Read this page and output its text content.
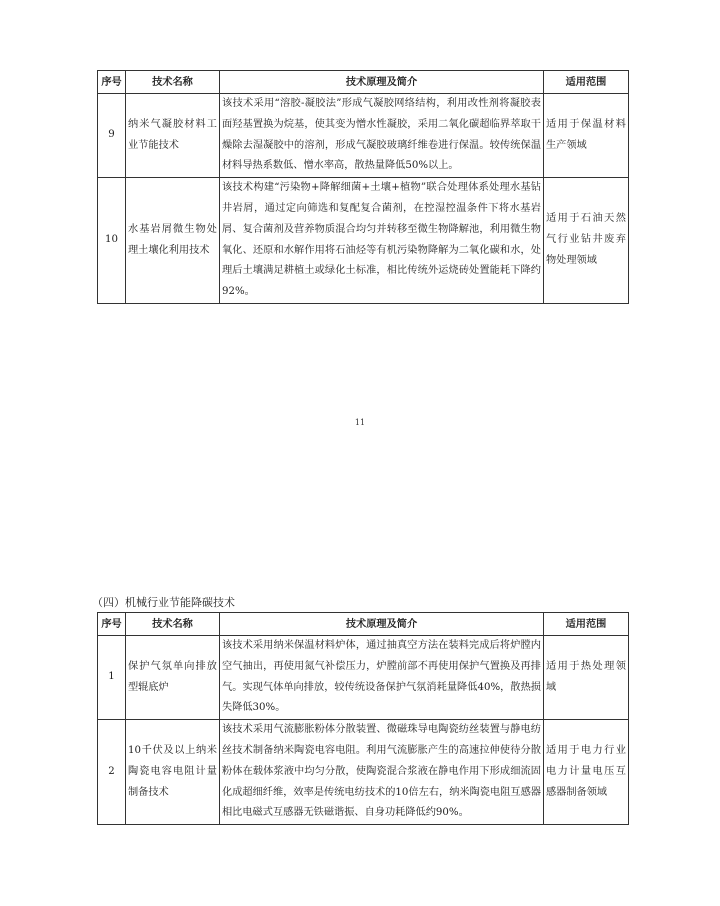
序号	技术名称	技术原理及简介	适用范围
9	纳米气凝胶材料工业节能技术	该技术采用“溶胶-凝胶法”形成气凝胶网络结构，利用改性剂将凝胶表面羟基置换为烷基，使其变为憎水性凝胶，采用二氧化碳超临界萃取干燥除去湿凝胶中的溶剂，形成气凝胶玻璃纤维卷进行保温。较传统保温材料导热系数低、憎水率高，散热量降低50%以上。	适用于保温材料生产领域
10	水基岩屑微生物处理土壤化利用技术	该技术构建“污染物+降解细菌+土壤+植物”联合处理体系处理水基钻井岩屑，通过定向筛选和复配复合菌剂，在控湿控温条件下将水基岩屑、复合菌剂及营养物质混合均匀并转移至微生物降解池，利用微生物氧化、还原和水解作用将石油烃等有机污染物降解为二氧化碳和水，处理后土壤满足耕植土或绿化土标准，相比传统外运烧砖处置能耗下降约92%。	适用于石油天然气行业钻井废弃物处理领域
11
（四）机械行业节能降碳技术
序号	技术名称	技术原理及简介	适用范围
1	保护气氛单向排放型辊底炉	该技术采用纳米保温材料炉体，通过抽真空方法在装料完成后将炉膛内空气抽出，再使用氮气补偿压力，炉膛前部不再使用保护气置换及再排气。实现气体单向排放，较传统设备保护气氛消耗量降低40%，散热损失降低30%。	适用于热处理领域
2	10千伏及以上纳米陶瓷电容电阻计量制备技术	该技术采用气流膨胀粉体分散装置、微磁珠导电陶瓷纺丝装置与静电纺丝技术制备纳米陶瓷电容电阻。利用气流膨胀产生的高速拉伸使待分散粉体在载体浆液中均匀分散，使陶瓷混合浆液在静电作用下形成细流固化成超细纤维，效率是传统电纺技术的10倍左右，纳米陶瓷电阻互感器相比电磁式互感器无铁磁谐振、自身功耗降低约90%。	适用于电力行业电力计量电压互感器制备领域
